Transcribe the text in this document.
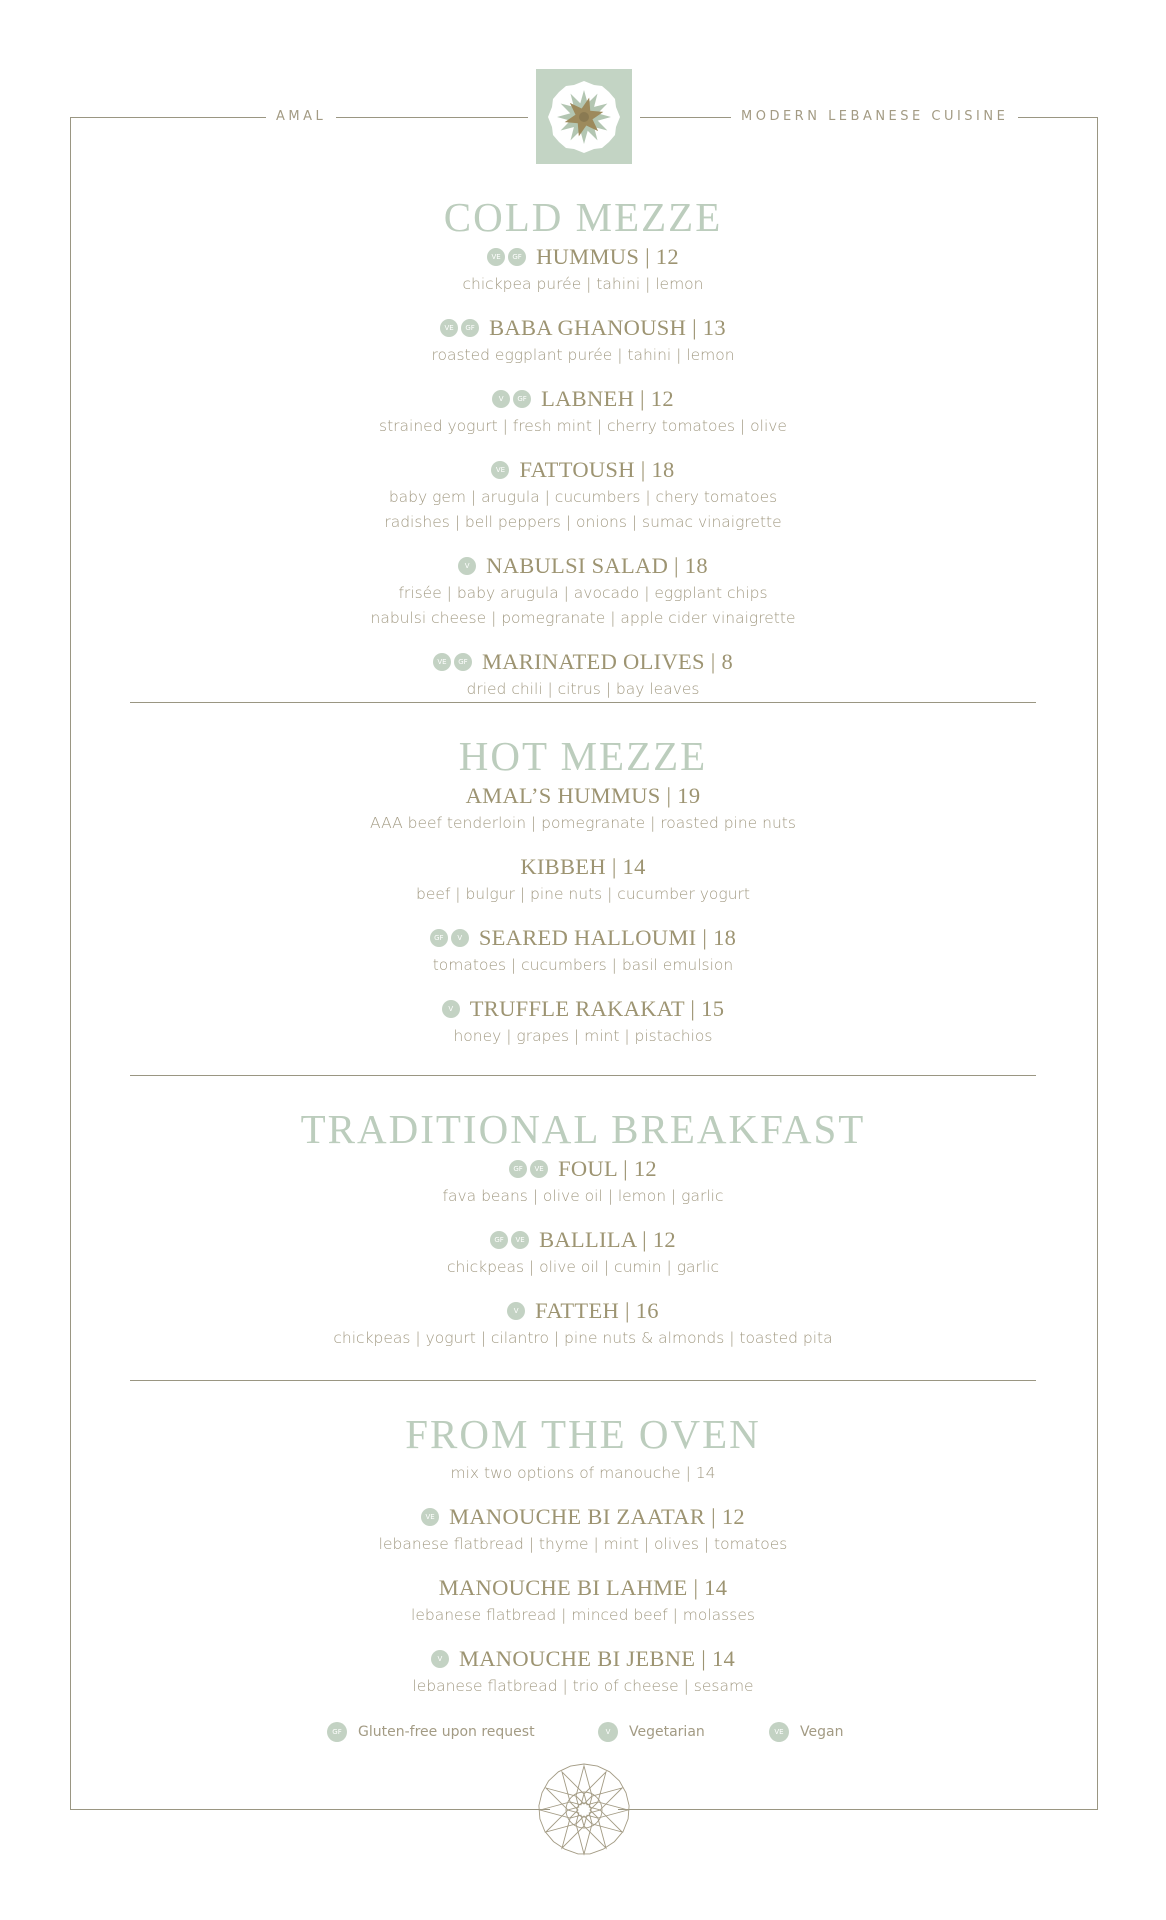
AMAL	MODERN LEBANESE CUISINE
COLD MEZZE
VE	GF HUMMUS | 12
chickpea purée | tahini | lemon
VE	GF BABA GHANOUSH | 13
roasted eggplant purée | tahini | lemon
V	GF LABNEH | 12
strained yogurt | fresh mint | cherry tomatoes | olive
VE FATTOUSH | 18
baby gem | arugula | cucumbers | chery tomatoes
radishes | bell peppers | onions | sumac vinaigrette
V NABULSI SALAD | 18
frisée | baby arugula | avocado | eggplant chips
nabulsi cheese | pomegranate | apple cider vinaigrette
VE	GF MARINATED OLIVES | 8
dried chili | citrus | bay leaves
HOT MEZZE
AMAL’S HUMMUS | 19
AAA beef tenderloin | pomegranate | roasted pine nuts
KIBBEH | 14
beef | bulgur | pine nuts | cucumber yogurt
GF	V SEARED HALLOUMI | 18
tomatoes | cucumbers | basil emulsion
V TRUFFLE RAKAKAT | 15
honey | grapes | mint | pistachios
TRADITIONAL BREAKFAST
GF	VE FOUL | 12
fava beans | olive oil | lemon | garlic
GF	VE BALLILA | 12
chickpeas | olive oil | cumin | garlic
V FATTEH | 16
chickpeas | yogurt | cilantro | pine nuts & almonds | toasted pita
FROM THE OVEN
mix two options of manouche | 14
VE MANOUCHE BI ZAATAR | 12
lebanese flatbread | thyme | mint | olives | tomatoes
MANOUCHE BI LAHME | 14
lebanese flatbread | minced beef | molasses
V MANOUCHE BI JEBNE | 14
lebanese flatbread | trio of cheese | sesame
GF	Gluten-free upon request	V	Vegetarian	VE	Vegan
